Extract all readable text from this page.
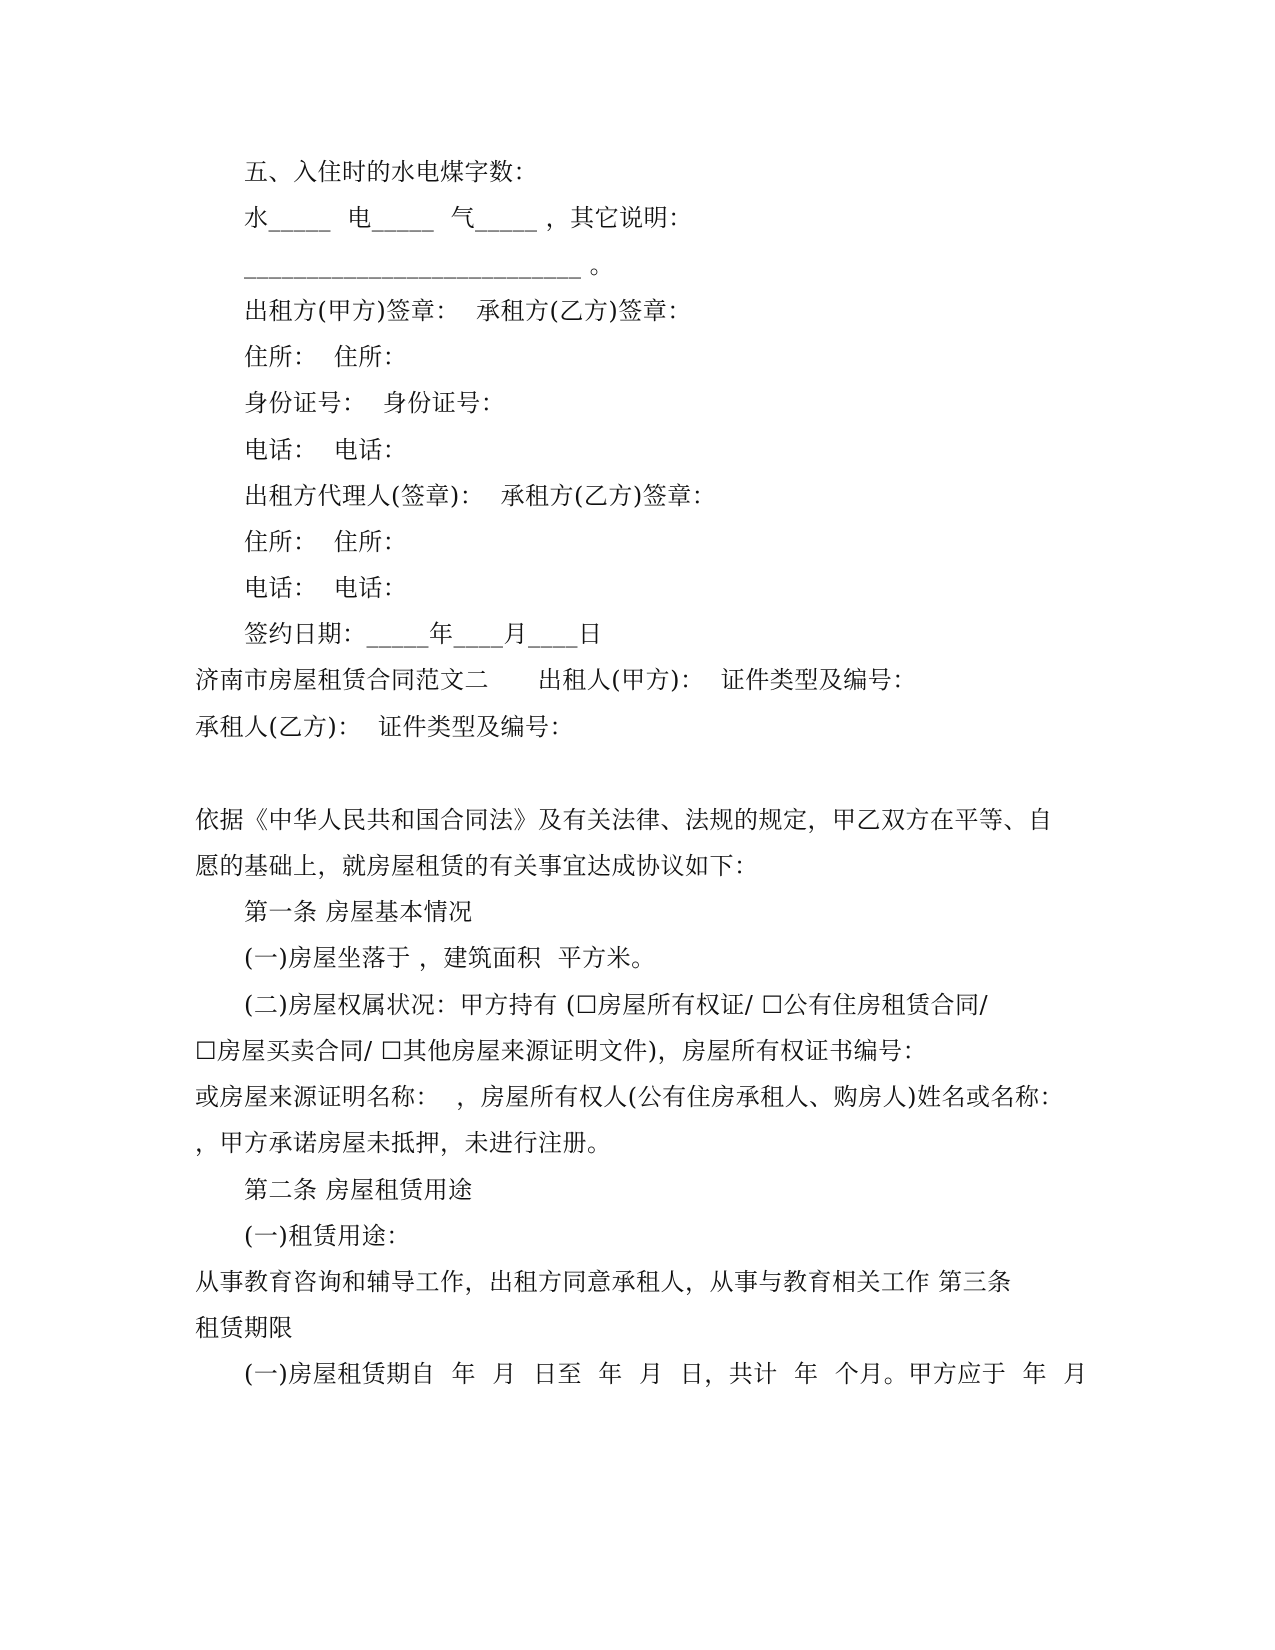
五、入住时的水电煤字数：
水_____  电_____  气_____ ，其它说明：
___________________________ 。
出租方(甲方)签章：  承租方(乙方)签章：
住所：  住所：
身份证号：  身份证号：
电话：  电话：
出租方代理人(签章)：  承租方(乙方)签章：
住所：  住所：
电话：  电话：
签约日期：_____年____月____日
济南市房屋租赁合同范文二      出租人(甲方)：  证件类型及编号：
承租人(乙方)：  证件类型及编号：
依据《中华人民共和国合同法》及有关法律、法规的规定，甲乙双方在平等、自
愿的基础上，就房屋租赁的有关事宜达成协议如下：
第一条 房屋基本情况
(一)房屋坐落于 ，建筑面积  平方米。
(二)房屋权属状况：甲方持有 (☐房屋所有权证/ ☐公有住房租赁合同/
☐房屋买卖合同/ ☐其他房屋来源证明文件)，房屋所有权证书编号：
或房屋来源证明名称：  ，房屋所有权人(公有住房承租人、购房人)姓名或名称：
，甲方承诺房屋未抵押，未进行注册。
第二条 房屋租赁用途
(一)租赁用途：
从事教育咨询和辅导工作，出租方同意承租人，从事与教育相关工作 第三条
租赁期限
(一)房屋租赁期自  年  月  日至  年  月  日，共计  年  个月。甲方应于  年  月
